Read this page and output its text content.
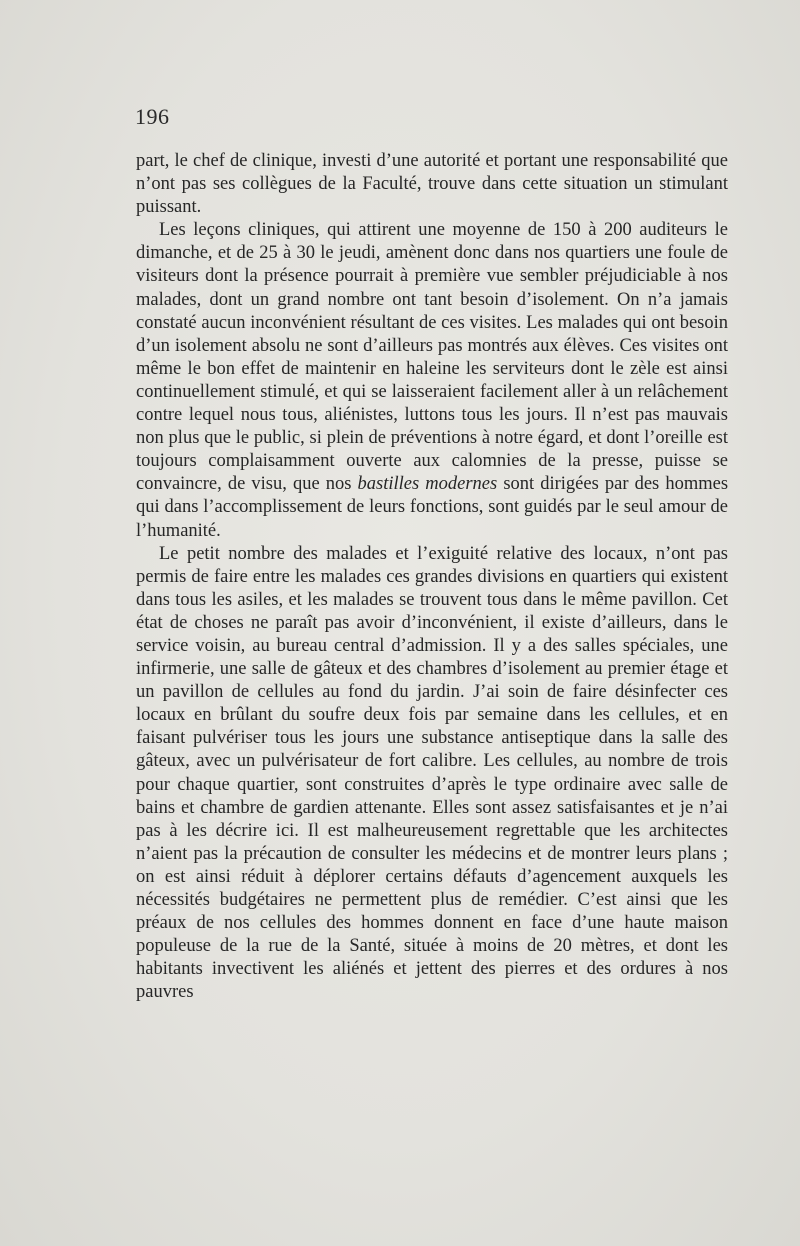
196

part, le chef de clinique, investi d’une autorité et portant une responsabilité que n’ont pas ses collègues de la Faculté, trouve dans cette situation un stimulant puissant.

Les leçons cliniques, qui attirent une moyenne de 150 à 200 auditeurs le dimanche, et de 25 à 30 le jeudi, amènent donc dans nos quartiers une foule de visiteurs dont la présence pourrait à première vue sembler préjudiciable à nos malades, dont un grand nombre ont tant besoin d’isolement. On n’a jamais constaté aucun inconvénient résultant de ces visites. Les malades qui ont besoin d’un isolement absolu ne sont d’ailleurs pas montrés aux élèves. Ces visites ont même le bon effet de maintenir en haleine les serviteurs dont le zèle est ainsi continuellement stimulé, et qui se laisseraient facilement aller à un relâchement contre lequel nous tous, aliénistes, luttons tous les jours. Il n’est pas mauvais non plus que le public, si plein de préventions à notre égard, et dont l’oreille est toujours complaisamment ouverte aux calomnies de la presse, puisse se convaincre, de visu, que nos bastilles modernes sont dirigées par des hommes qui dans l’accomplissement de leurs fonctions, sont guidés par le seul amour de l’humanité.

Le petit nombre des malades et l’exiguité relative des locaux, n’ont pas permis de faire entre les malades ces grandes divisions en quartiers qui existent dans tous les asiles, et les malades se trouvent tous dans le même pavillon. Cet état de choses ne paraît pas avoir d’inconvénient, il existe d’ailleurs, dans le service voisin, au bureau central d’admission. Il y a des salles spéciales, une infirmerie, une salle de gâteux et des chambres d’isolement au premier étage et un pavillon de cellules au fond du jardin. J’ai soin de faire désinfecter ces locaux en brûlant du soufre deux fois par semaine dans les cellules, et en faisant pulvériser tous les jours une substance antiseptique dans la salle des gâteux, avec un pulvérisateur de fort calibre. Les cellules, au nombre de trois pour chaque quartier, sont construites d’après le type ordinaire avec salle de bains et chambre de gardien attenante. Elles sont assez satisfaisantes et je n’ai pas à les décrire ici. Il est malheureusement regrettable que les architectes n’aient pas la précaution de consulter les médecins et de montrer leurs plans ; on est ainsi réduit à déplorer certains défauts d’agencement auxquels les nécessités budgétaires ne permettent plus de remédier. C’est ainsi que les préaux de nos cellules des hommes donnent en face d’une haute maison populeuse de la rue de la Santé, située à moins de 20 mètres, et dont les habitants invectivent les aliénés et jettent des pierres et des ordures à nos pauvres
